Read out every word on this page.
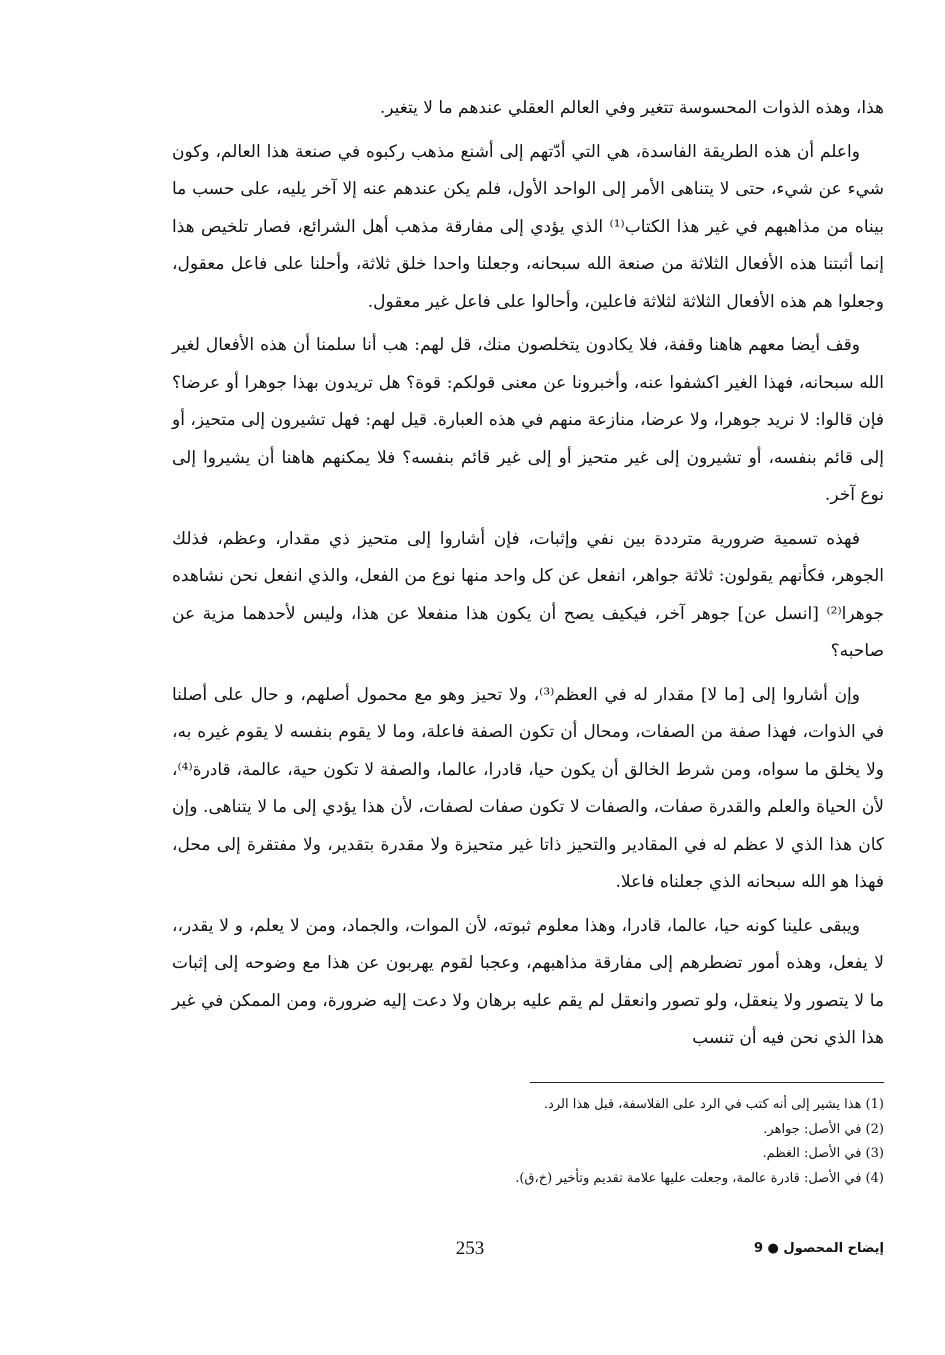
هذا، وهذه الذوات المحسوسة تتغير وفي العالم العقلي عندهم ما لا يتغير.

واعلم أن هذه الطريقة الفاسدة، هي التي أدّتهم إلى أشنع مذهب ركبوه في صنعة هذا العالم، وكون شيء عن شيء، حتى لا يتناهى الأمر إلى الواحد الأول، فلم يكن عندهم عنه إلا آخر يليه، على حسب ما بيناه من مذاهبهم في غير هذا الكتاب⁽¹⁾ الذي يؤدي إلى مفارقة مذهب أهل الشرائع، فصار تلخيص هذا إنما أثبتنا هذه الأفعال الثلاثة من صنعة الله سبحانه، وجعلنا واحدا خلق ثلاثة، وأحلنا على فاعل معقول، وجعلوا هم هذه الأفعال الثلاثة لثلاثة فاعلين، وأحالوا على فاعل غير معقول.

وقف أيضا معهم هاهنا وقفة، فلا يكادون يتخلصون منك، قل لهم: هب أنا سلمنا أن هذه الأفعال لغير الله سبحانه، فهذا الغير اكشفوا عنه، وأخبرونا عن معنى قولكم: قوة؟ هل تريدون بهذا جوهرا أو عرضا؟ فإن قالوا: لا نريد جوهرا، ولا عرضا، منازعة منهم في هذه العبارة. قيل لهم: فهل تشيرون إلى متحيز، أو إلى قائم بنفسه، أو تشيرون إلى غير متحيز أو إلى غير قائم بنفسه؟ فلا يمكنهم هاهنا أن يشيروا إلى نوع آخر.

فهذه تسمية ضرورية مترددة بين نفي وإثبات، فإن أشاروا إلى متحيز ذي مقدار، وعظم، فذلك الجوهر، فكأنهم يقولون: ثلاثة جواهر، انفعل عن كل واحد منها نوع من الفعل، والذي انفعل نحن نشاهده جوهرا⁽²⁾ [انسل عن] جوهر آخر، فيكيف يصح أن يكون هذا منفعلا عن هذا، وليس لأحدهما مزية عن صاحبه؟

وإن أشاروا إلى [ما لا] مقدار له في العظم⁽³⁾، ولا تحيز وهو مع محمول أصلهم، و حال على أصلنا في الذوات، فهذا صفة من الصفات، ومحال أن تكون الصفة فاعلة، وما لا يقوم بنفسه لا يقوم غيره به، ولا يخلق ما سواه، ومن شرط الخالق أن يكون حيا، قادرا، عالما، والصفة لا تكون حية، عالمة، قادرة⁽⁴⁾، لأن الحياة والعلم والقدرة صفات، والصفات لا تكون صفات لصفات، لأن هذا يؤدي إلى ما لا يتناهى. وإن كان هذا الذي لا عظم له في المقادير والتحيز ذاتا غير متحيزة ولا مقدرة بتقدير، ولا مفتقرة إلى محل، فهذا هو الله سبحانه الذي جعلناه فاعلا.

ويبقى علينا كونه حيا، عالما، قادرا، وهذا معلوم ثبوته، لأن الموات، والجماد، ومن لا يعلم، و لا يقدر،، لا يفعل، وهذه أمور تضطرهم إلى مفارقة مذاهبهم، وعجبا لقوم يهربون عن هذا مع وضوحه إلى إثبات ما لا يتصور ولا ينعقل، ولو تصور وانعقل لم يقم عليه برهان ولا دعت إليه ضرورة، ومن الممكن في غير هذا الذي نحن فيه أن تنسب

(1) هذا يشير إلى أنه كتب في الرد على الفلاسفة، قبل هذا الرد.

(2) في الأصل: جواهر.

(3) في الأصل: الغظم.

(4) في الأصل: قادرة عالمة، وجعلت عليها علامة تقديم وتأخير (خ،ق).

253	إيضاح المحصول ● 9
